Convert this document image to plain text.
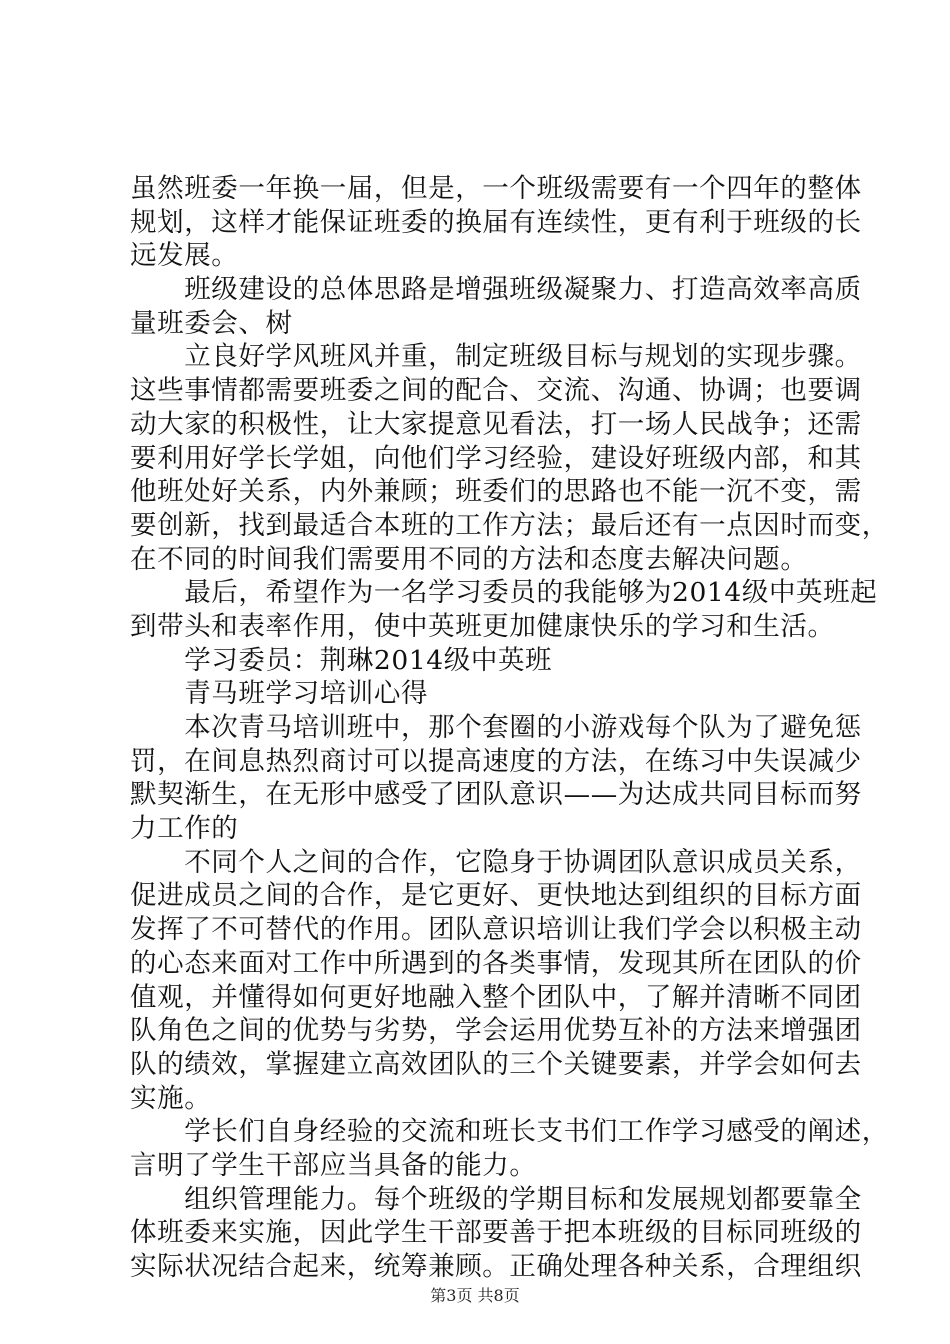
虽然班委一年换一届，但是，一个班级需要有一个四年的整体
规划，这样才能保证班委的换届有连续性，更有利于班级的长
远发展。
　　班级建设的总体思路是增强班级凝聚力、打造高效率高质
量班委会、树
　　立良好学风班风并重，制定班级目标与规划的实现步骤。
这些事情都需要班委之间的配合、交流、沟通、协调；也要调
动大家的积极性，让大家提意见看法，打一场人民战争；还需
要利用好学长学姐，向他们学习经验，建设好班级内部，和其
他班处好关系，内外兼顾；班委们的思路也不能一沉不变，需
要创新，找到最适合本班的工作方法；最后还有一点因时而变，
在不同的时间我们需要用不同的方法和态度去解决问题。
　　最后，希望作为一名学习委员的我能够为2014级中英班起
到带头和表率作用，使中英班更加健康快乐的学习和生活。
　　学习委员：荆琳2014级中英班
　　青马班学习培训心得
　　本次青马培训班中，那个套圈的小游戏每个队为了避免惩
罚，在间息热烈商讨可以提高速度的方法，在练习中失误减少
默契渐生，在无形中感受了团队意识——为达成共同目标而努
力工作的
　　不同个人之间的合作，它隐身于协调团队意识成员关系，
促进成员之间的合作，是它更好、更快地达到组织的目标方面
发挥了不可替代的作用。团队意识培训让我们学会以积极主动
的心态来面对工作中所遇到的各类事情，发现其所在团队的价
值观，并懂得如何更好地融入整个团队中，了解并清晰不同团
队角色之间的优势与劣势，学会运用优势互补的方法来增强团
队的绩效，掌握建立高效团队的三个关键要素，并学会如何去
实施。
　　学长们自身经验的交流和班长支书们工作学习感受的阐述，
言明了学生干部应当具备的能力。
　　组织管理能力。每个班级的学期目标和发展规划都要靠全
体班委来实施，因此学生干部要善于把本班级的目标同班级的
实际状况结合起来，统筹兼顾。正确处理各种关系，合理组织
第3页 共8页
